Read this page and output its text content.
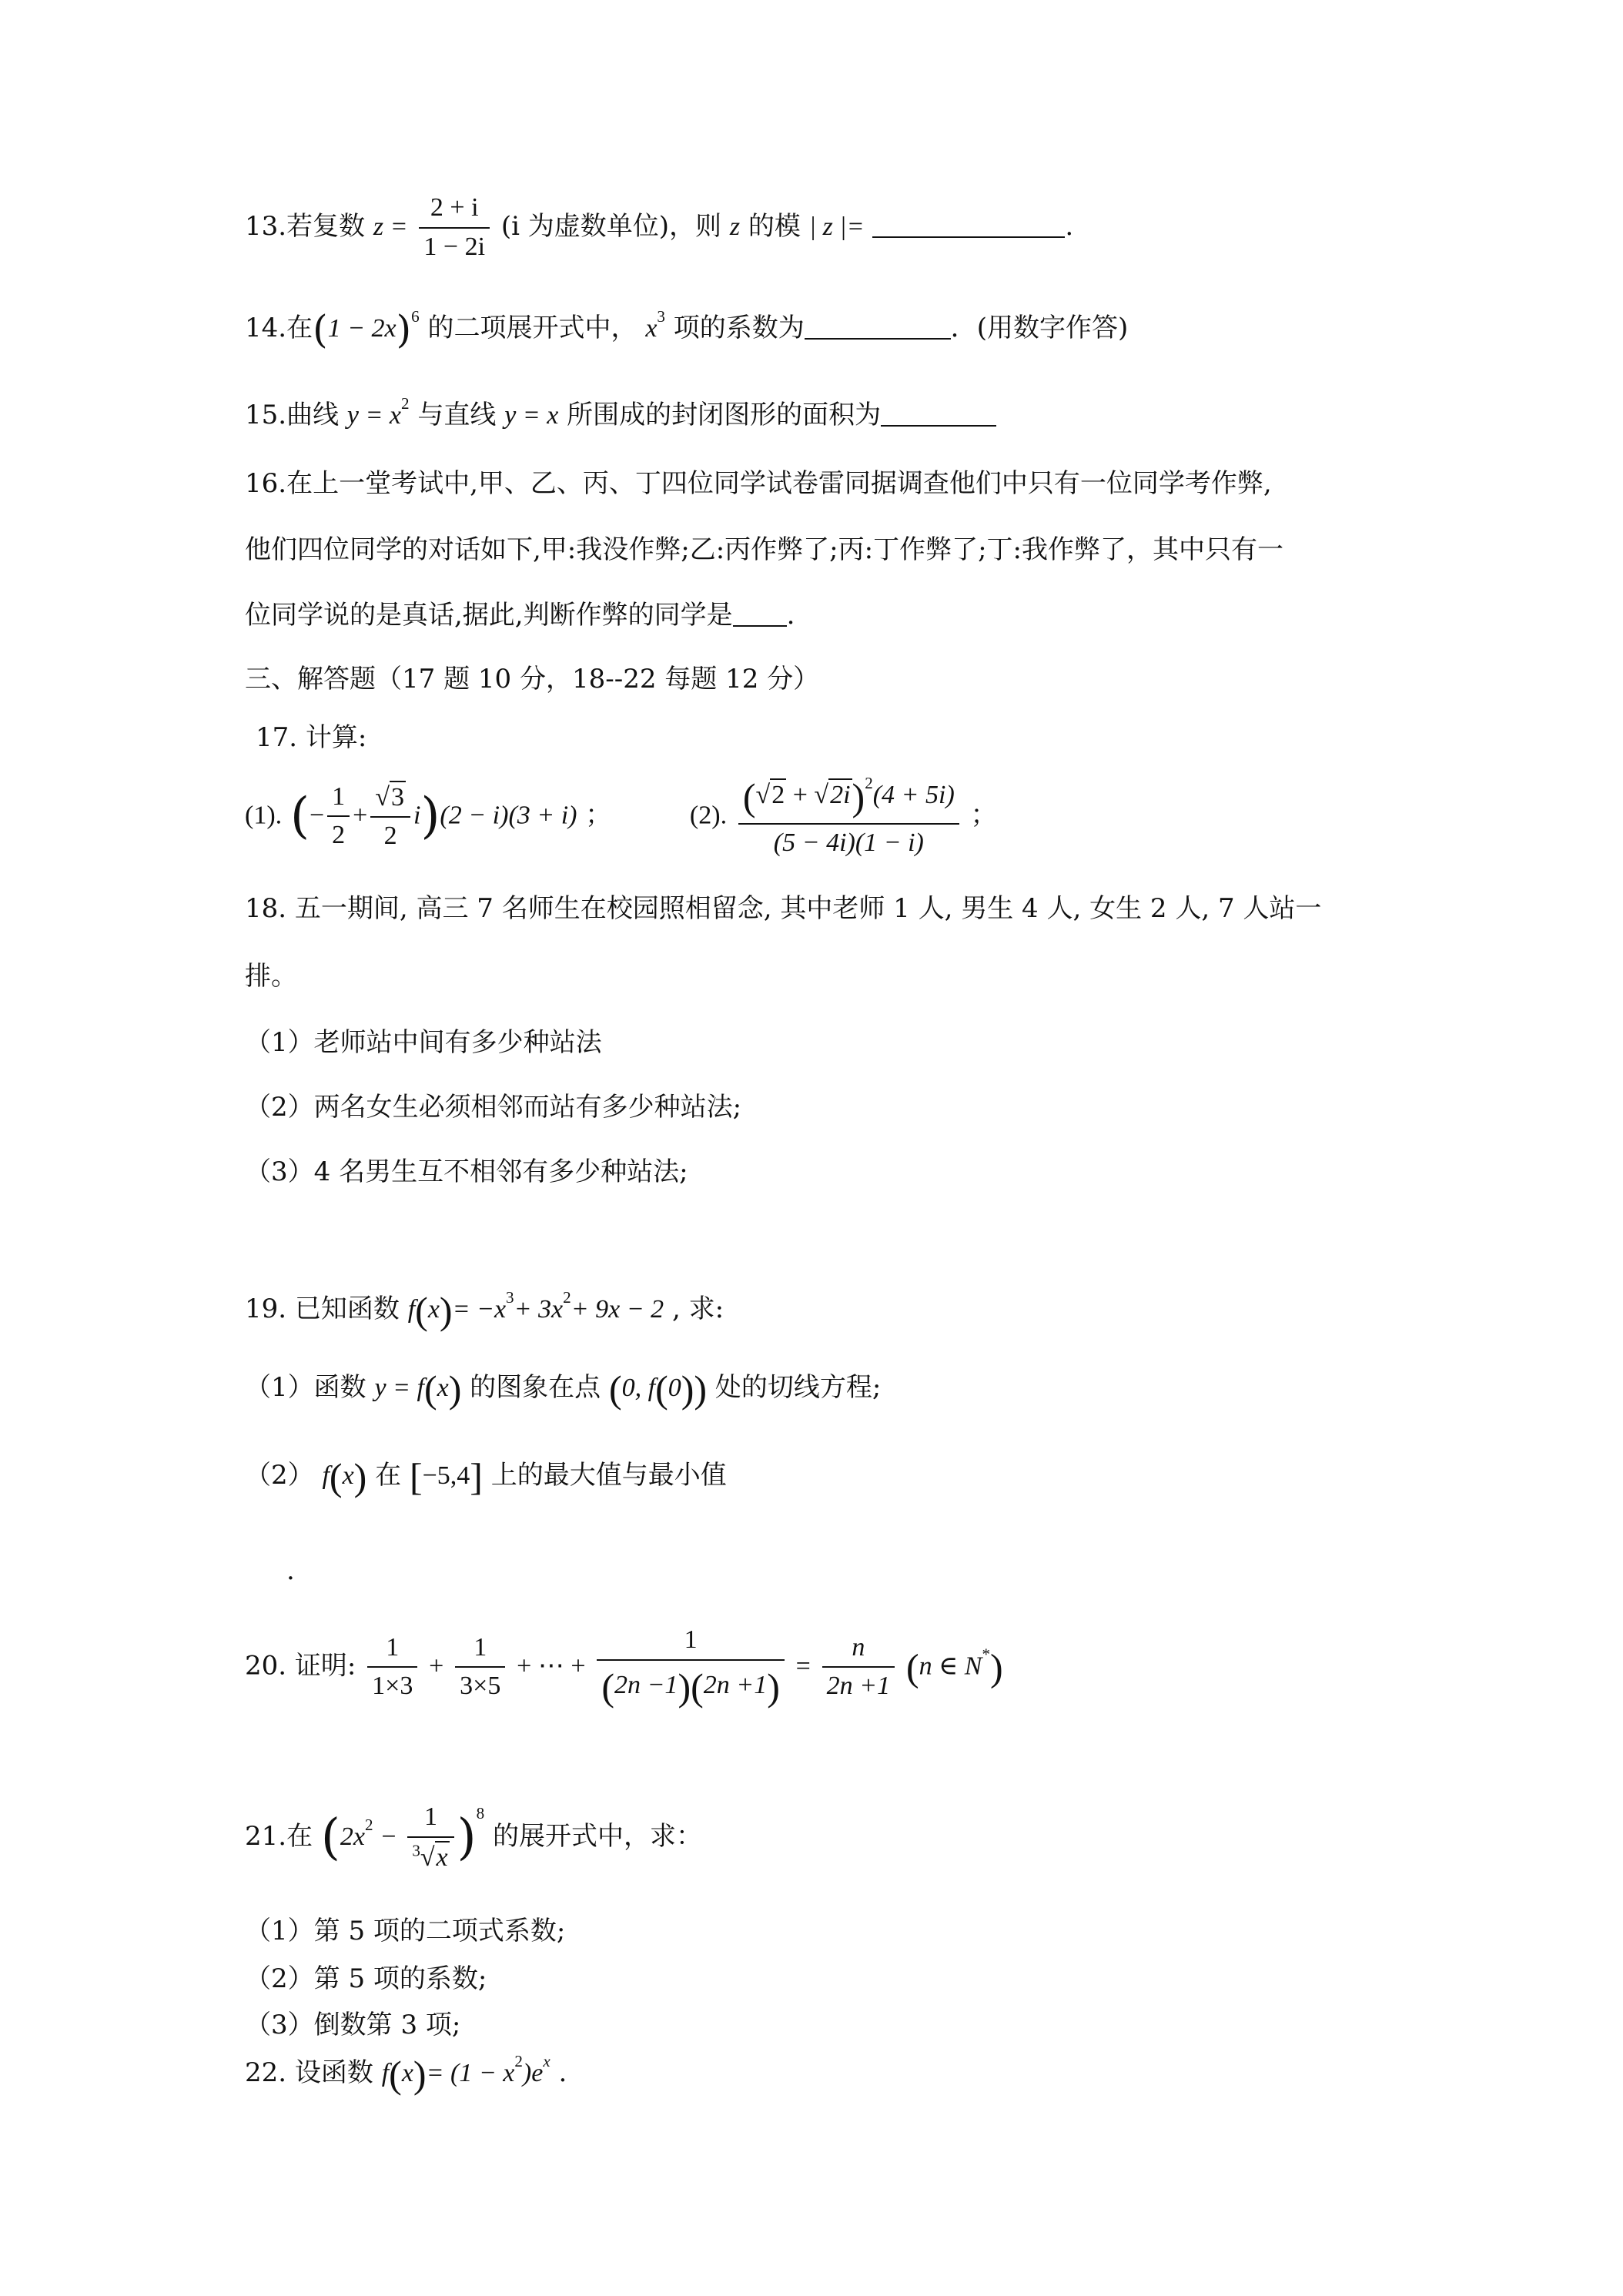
13.若复数 $z = \frac{2 + i}{1 - 2i} (i$ 为虚数单位)，则 z 的模 | z |=	.
14.在$(1 - 2x)^6$ 的二项展开式中， $x^3$ 项的系数为	．(用数字作答)
15.曲线 $y = x^2$ 与直线 y = x 所围成的封闭图形的面积为
16.在上一堂考试中,甲、乙、丙、丁四位同学试卷雷同据调查他们中只有一位同学考作弊,
他们四位同学的对话如下,甲:我没作弊;乙:丙作弊了;丙:丁作弊了;丁:我作弊了，其中只有一
位同学说的是真话,据此,判断作弊的同学是 .
三、解答题（17 题 10 分，18--22 每题 12 分）
17. 计算:
(1). (− $\frac{1}{2} + \frac{√3}{2} i)(2 - i)(3 + i)$ ；	(2). $\frac{(√2 + √2i)^2(4 + 5i)}{(5 - 4i)(1 - i)}$ ；
18. 五一期间, 高三 7 名师生在校园照相留念, 其中老师 1 人, 男生 4 人, 女生 2 人, 7 人站一
排。
（1）老师站中间有多少种站法
（2）两名女生必须相邻而站有多少种站法;
（3）4 名男生互不相邻有多少种站法;
19. 已知函数 $f(x)= -x^3+ 3x^2+ 9x - 2$ , 求:
（1）函数 y = f(x) 的图象在点 (0, f(0)) 处的切线方程;
（2） f(x) 在 [−5,4] 上的最大值与最小值
.
20. 证明: $\frac{1}{1\times 3} + \frac{1}{3\times 5}$ + ⋯ + $\frac{1}{(2n -1)(2n +1)} = \frac{n}{2n +1} (n$ ∈ N*)
21.在 $(2x^2 - \frac{1}{^3√x} )^8$ 的展开式中，求：
（1）第 5 项的二项式系数;
（2）第 5 项的系数;
（3）倒数第 3 项;
22. 设函数 $f(x)= (1 - x^2)e^x$ .
